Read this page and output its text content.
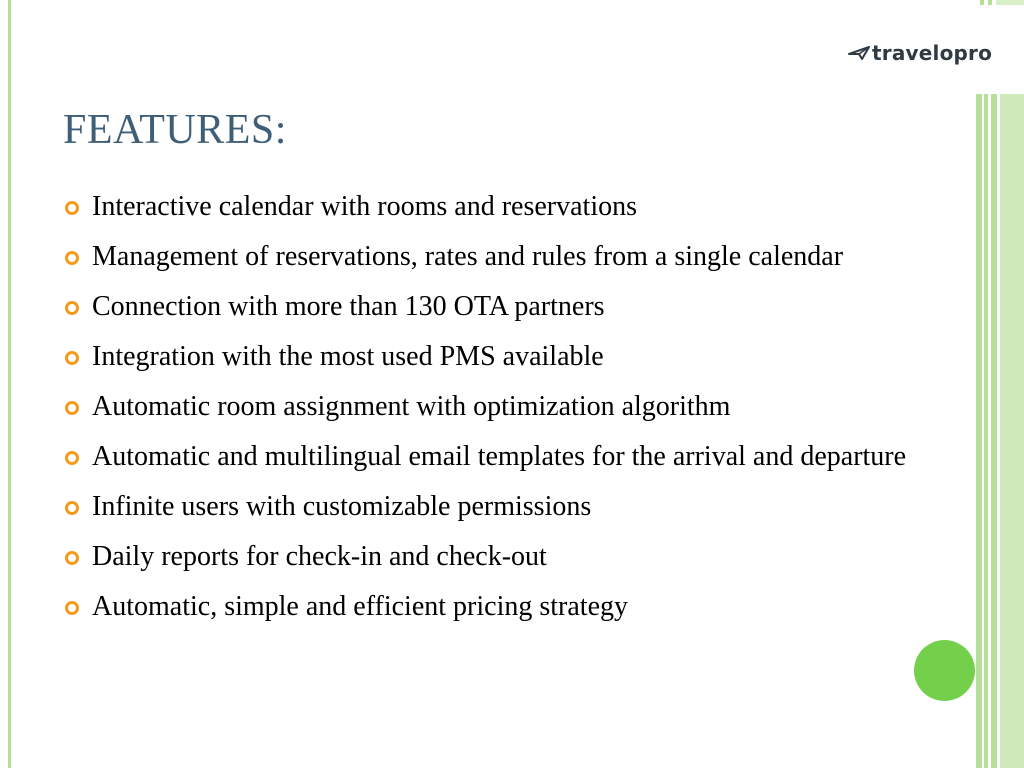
travelopro
FEATURES:
Interactive calendar with rooms and reservations
Management of reservations, rates and rules from a single calendar
Connection with more than 130 OTA partners
Integration with the most used PMS available
Automatic room assignment with optimization algorithm
Automatic and multilingual email templates for the arrival and departure
Infinite users with customizable permissions
Daily reports for check-in and check-out
Automatic, simple and efficient pricing strategy
